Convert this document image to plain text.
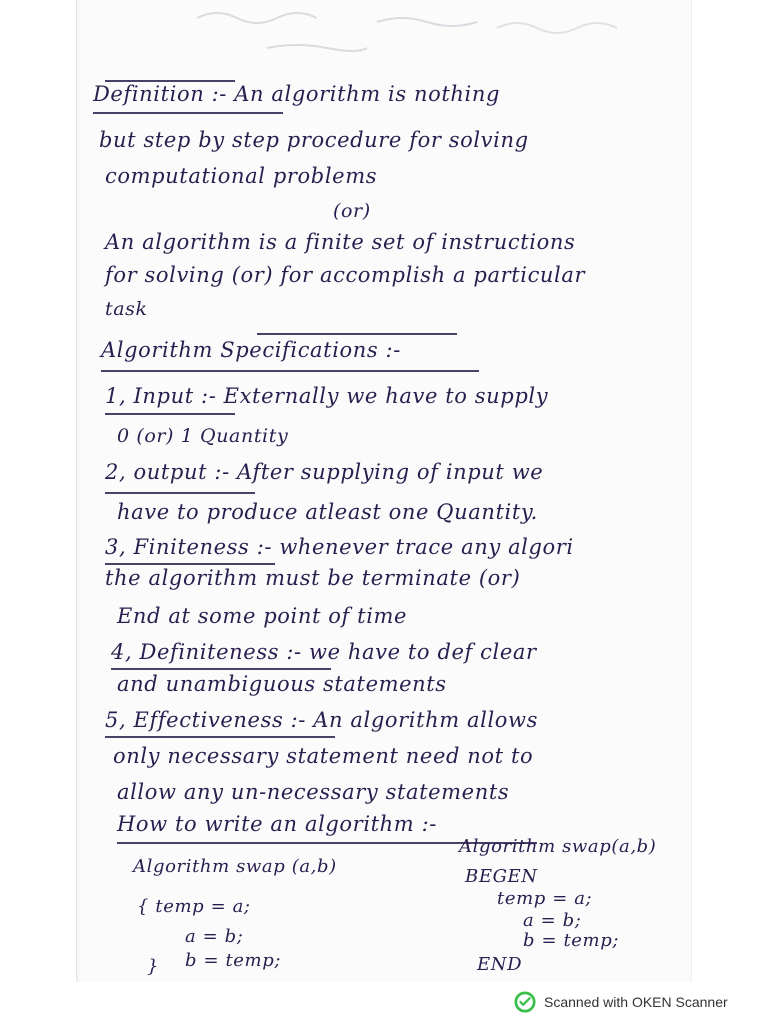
Definition :- An algorithm is nothing
but step by step procedure for solving
computational problems
(or)
An algorithm is a finite set of instructions
for solving (or) for accomplish a particular
task
Algorithm Specifications :-
1, Input :- Externally we have to supply
0 (or) 1 Quantity
2, output :- After supplying of input we
have to produce atleast one Quantity.
3, Finiteness :- whenever trace any algori
the algorithm must be terminate (or)
End at some point of time
4, Definiteness :- we have to def clear
and unambiguous statements
5, Effectiveness :- An algorithm allows
only necessary statement need not to
allow any un-necessary statements
How to write an algorithm :-
Algorithm swap (a,b)
{ temp = a;
a = b;
b = temp;
}
Algorithm swap(a,b)
BEGEN
temp = a;
a = b;
b = temp;
END
Scanned with OKEN Scanner
